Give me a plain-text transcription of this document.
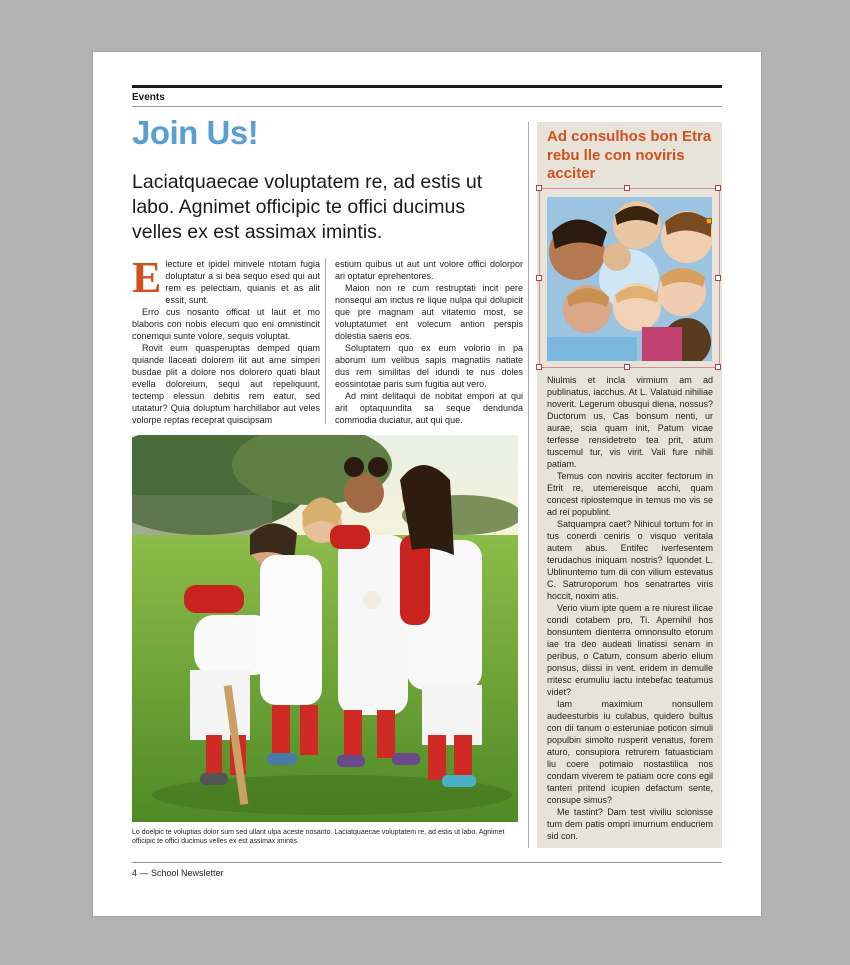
Events
Join Us!
Laciatquaecae voluptatem re, ad estis ut labo. Agnimet officipic te offici ducimus velles ex est assimax imintis.

Electure et ipidel minvele ntotam fugia doluptatur a si bea sequo esed qui aut rem es pelectiam, quianis et as alit essit, sunt.

Erro cus nosanto officat ut laut et mo blaboris con nobis elecum quo eni omnistincit conemqui sunte volore, sequis voluptat.

Rovit eum quasperuptas demped quam quiande llaceati dolorem ilit aut ame simperi busdae plit a dolore nos dolorero quati blaut evella doloreium, sequi aut repeliquunt, tectemp elessun debitis rem eatur, sed utatatur? Quia doluptum harchillabor aut veles volorpe reptas receprat quiscipsam

estium quibus ut aut unt volore offici dolorpor ari optatur eprehentores.

Maion non re cum restruptati incit pere nonsequi am inctus re lique nulpa qui dolupicit que pre magnam aut vitatemo most, se voluptatumet ent volecum antion perspis dolestia saeris eos.

Soluptatem quo ex eum volorio in pa aborum ium velibus sapis magnatiis natiate dus rem similitas del idundi te nus doles eossintotae paris sum fugitia aut vero.

Ad mint delitaqui de nobitat empori at qui arit optaquundita sa seque dendunda commodia duciatur, aut qui que.

Lo doelpic te voluptias dolor sum sed ullant ulpa aceste nosanto. Laciatquaecae voluptatem re, ad estis ut labo. Agnimet officipic te offici ducimus velles ex est assimax imintis.
Ad consulhos bon Etra rebu lle con noviris acciter

Niulmis et incla virmium am ad publinatus, iacchus. At L. Valatuid nihiliae noverit. Legerum obusqui diena, nossus? Ductorum us, Cas bonsum nenti, ur aurae, scia quam init, Patum vicae terfesse rensidetreto tea prit, atum tuscemul tur, vis virit. Vali fure nihili patiam.

Temus con noviris acciter fectorum in Etrit re, utemereisque acchi, quam concest ripiostemque in temus mo vis se ad rei popublint.

Satquampra caet? Nihicul tortum for in tus conerdi ceniris o visquo veritala autem abus. Entifec iverfesentem terudachus iniquam nostris? Iquondet L. Ublinuntemo tum dii con vilium estevatus C. Satruroporum hos senatrartes viris hoccit, noxim atis.

Verio vium ipte quem a re niurest ilicae condi cotabem pro, Ti. Apernihil hos bonsuntem dienterra omnonsulto etorum iae tra deo audeati linatissi senam in peribus, o Catum, consum aberio elium ponsus, diissi in vent. eridem in demulle rritesc erumuliu iactu intebefac teatumus videt?

Iam maximium nonsullem audeesturbis iu culabus, quidero bultus con dii tanum o esteruniae poticon simuli populbin simolto rusperit venatus, forem aturo, consupiora retrurem fatuasticiam liu coere potimaio nostastilica nos condam viverem te patiam ocre cons egil tanteri pritend icupien defactum sente, consupe simus?

Me tastint? Dam test viviliu scionisse tum dem patis ompri imurnum enducriem sid con.

4 — School Newsletter
